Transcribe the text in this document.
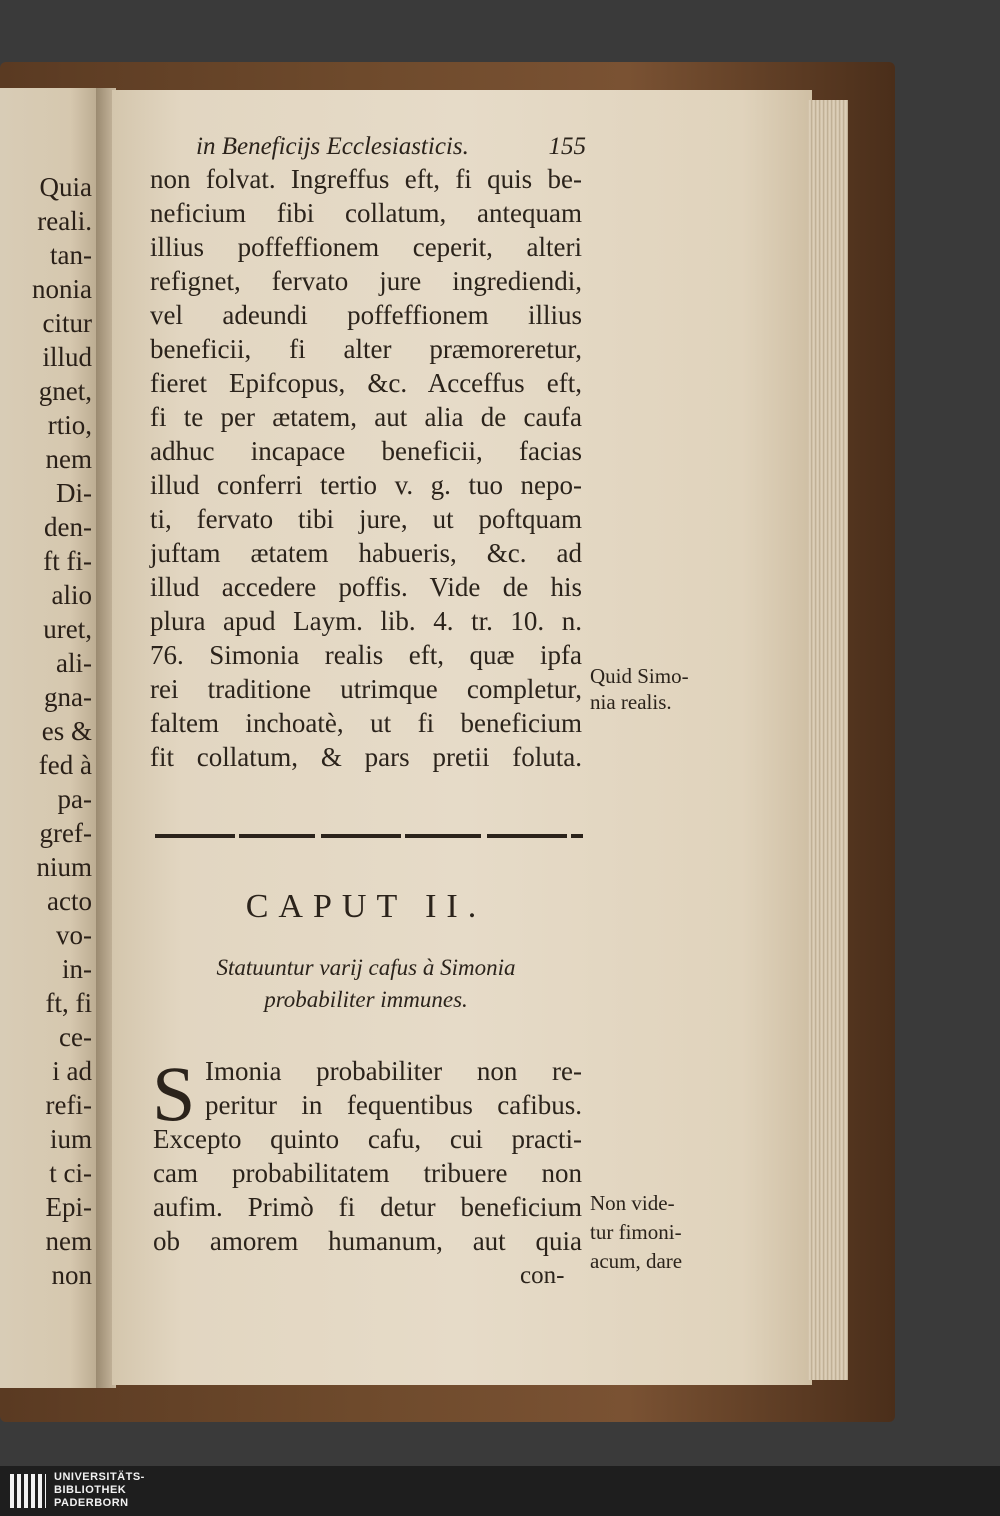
Quia
reali.
tan-
nonia
citur
illud
gnet,
rtio,
nem
Di-
den-
ft fi-
alio
uret,
ali-
gna-
es &
fed à
pa-
gref-
nium
acto
vo-
in-
ft, fi
ce-
i ad
refi-
ium
t ci-
Epi-
nem
non
in Beneficijs Ecclesiasticis.	155
non folvat. Ingreffus eft, fi quis be-
neficium fibi collatum, antequam
illius poffeffionem ceperit, alteri
refignet, fervato jure ingrediendi,
vel adeundi poffeffionem illius
beneficii, fi alter præmoreretur,
fieret Epifcopus, &c. Acceffus eft,
fi te per ætatem, aut alia de caufa
adhuc incapace beneficii, facias
illud conferri tertio v. g. tuo nepo-
ti, fervato tibi jure, ut poftquam
juftam ætatem habueris, &c. ad
illud accedere poffis. Vide de his
plura apud Laym. lib. 4. tr. 10. n.
76. Simonia realis eft, quæ ipfa
rei traditione utrimque completur,
faltem inchoatè, ut fi beneficium
fit collatum, & pars pretii foluta.
Quid Simo-
nia realis.
CAPUT II.
Statuuntur varij cafus à Simonia
probabiliter immunes.
S Imonia probabiliter non re-
peritur in fequentibus cafibus.
Excepto quinto cafu, cui practi-
cam probabilitatem tribuere non
aufim. Primò fi detur beneficium
ob amorem humanum, aut quia
Non vide-
tur fimoni-
acum, dare
con-
UNIVERSITÄTS-
BIBLIOTHEK
PADERBORN
